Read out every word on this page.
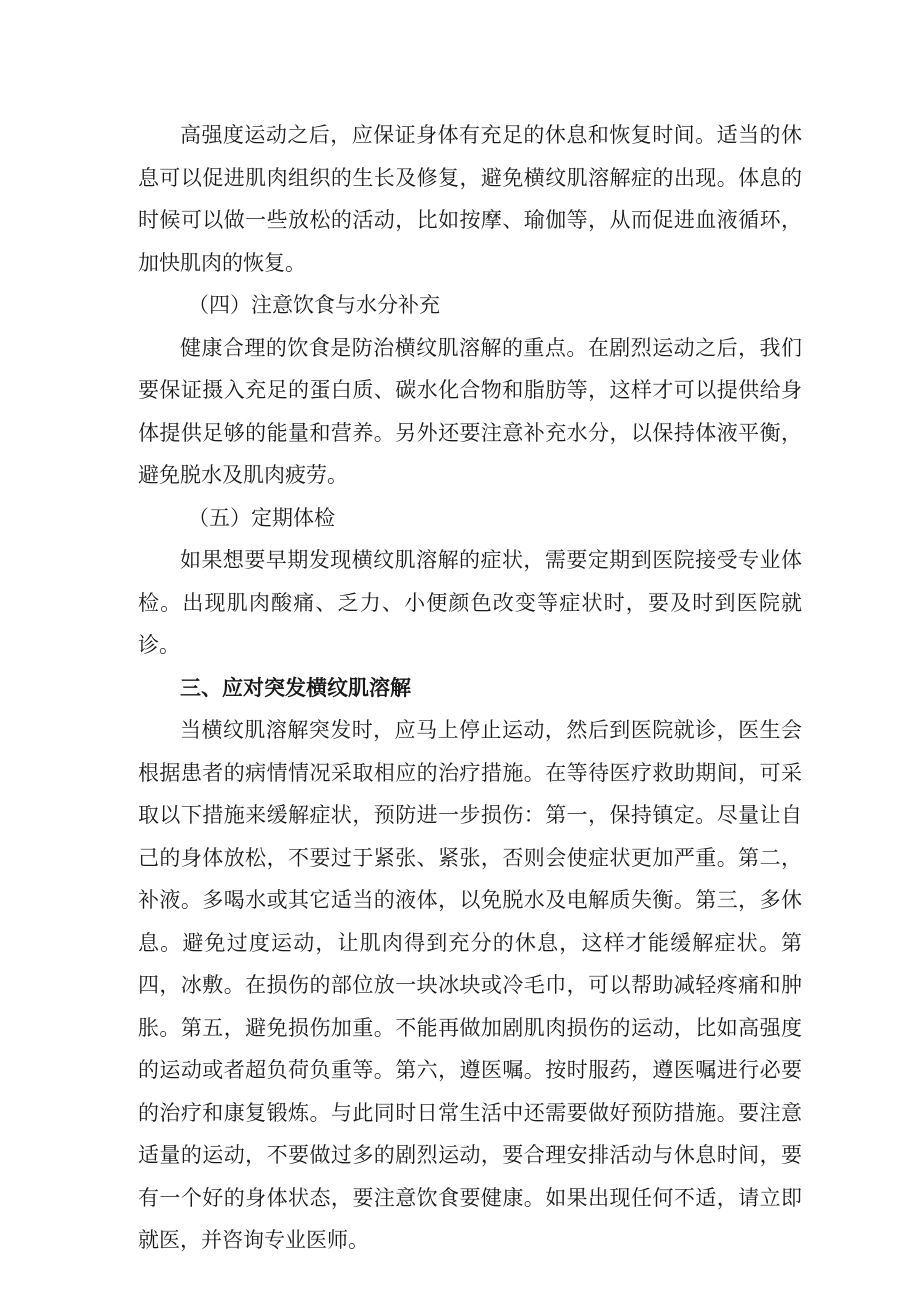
高强度运动之后，应保证身体有充足的休息和恢复时间。适当的休息可以促进肌肉组织的生长及修复，避免横纹肌溶解症的出现。体息的时候可以做一些放松的活动，比如按摩、瑜伽等，从而促进血液循环，加快肌肉的恢复。

（四）注意饮食与水分补充

健康合理的饮食是防治横纹肌溶解的重点。在剧烈运动之后，我们要保证摄入充足的蛋白质、碳水化合物和脂肪等，这样才可以提供给身体提供足够的能量和营养。另外还要注意补充水分，以保持体液平衡，避免脱水及肌肉疲劳。

（五）定期体检

如果想要早期发现横纹肌溶解的症状，需要定期到医院接受专业体检。出现肌肉酸痛、乏力、小便颜色改变等症状时，要及时到医院就诊。

三、应对突发横纹肌溶解

当横纹肌溶解突发时，应马上停止运动，然后到医院就诊，医生会根据患者的病情情况采取相应的治疗措施。在等待医疗救助期间，可采取以下措施来缓解症状，预防进一步损伤：第一，保持镇定。尽量让自己的身体放松，不要过于紧张、紧张，否则会使症状更加严重。第二，补液。多喝水或其它适当的液体，以免脱水及电解质失衡。第三，多休息。避免过度运动，让肌肉得到充分的休息，这样才能缓解症状。第四，冰敷。在损伤的部位放一块冰块或冷毛巾，可以帮助减轻疼痛和肿胀。第五，避免损伤加重。不能再做加剧肌肉损伤的运动，比如高强度的运动或者超负荷负重等。第六，遵医嘱。按时服药，遵医嘱进行必要的治疗和康复锻炼。与此同时日常生活中还需要做好预防措施。要注意适量的运动，不要做过多的剧烈运动，要合理安排活动与休息时间，要有一个好的身体状态，要注意饮食要健康。如果出现任何不适，请立即就医，并咨询专业医师。
